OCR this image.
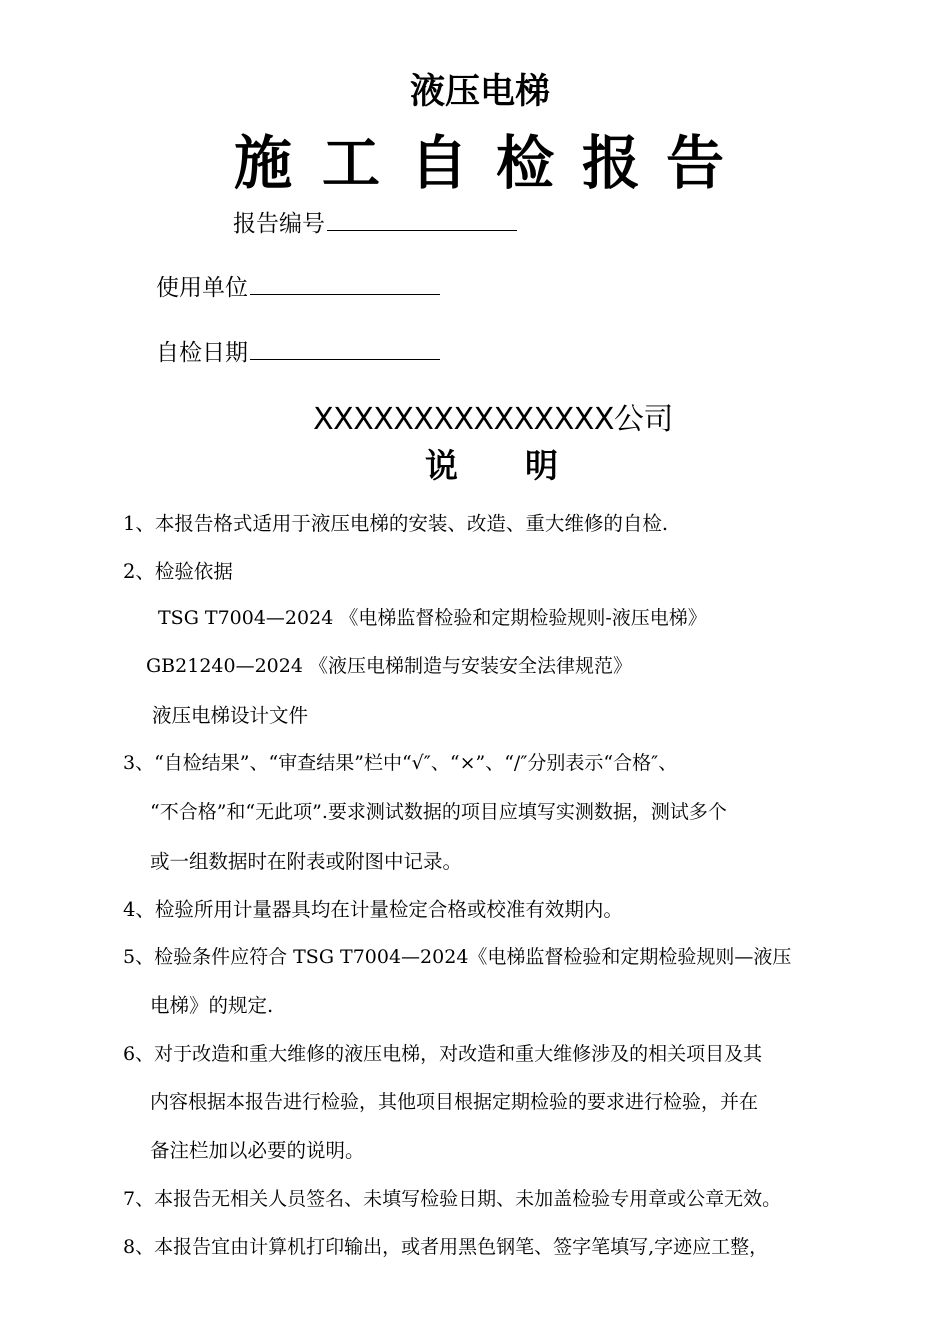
液压电梯
施 工 自 检 报 告
报告编号
使用单位
自检日期
XXXXXXXXXXXXXXX公司
说 明
1、本报告格式适用于液压电梯的安装、改造、重大维修的自检.
2、检验依据
TSG T7004—2024 《电梯监督检验和定期检验规则-液压电梯》
GB21240—2024 《液压电梯制造与安装安全法律规范》
液压电梯设计文件
3、“自检结果”、“审查结果”栏中“√″、“×”、“/″分别表示“合格″、
“不合格”和“无此项”.要求测试数据的项目应填写实测数据，测试多个
或一组数据时在附表或附图中记录。
4、检验所用计量器具均在计量检定合格或校准有效期内。
5、检验条件应符合 TSG T7004—2024《电梯监督检验和定期检验规则—液压
电梯》的规定.
6、对于改造和重大维修的液压电梯，对改造和重大维修涉及的相关项目及其
内容根据本报告进行检验，其他项目根据定期检验的要求进行检验，并在
备注栏加以必要的说明。
7、本报告无相关人员签名、未填写检验日期、未加盖检验专用章或公章无效。
8、本报告宜由计算机打印输出，或者用黑色钢笔、签字笔填写,字迹应工整，
